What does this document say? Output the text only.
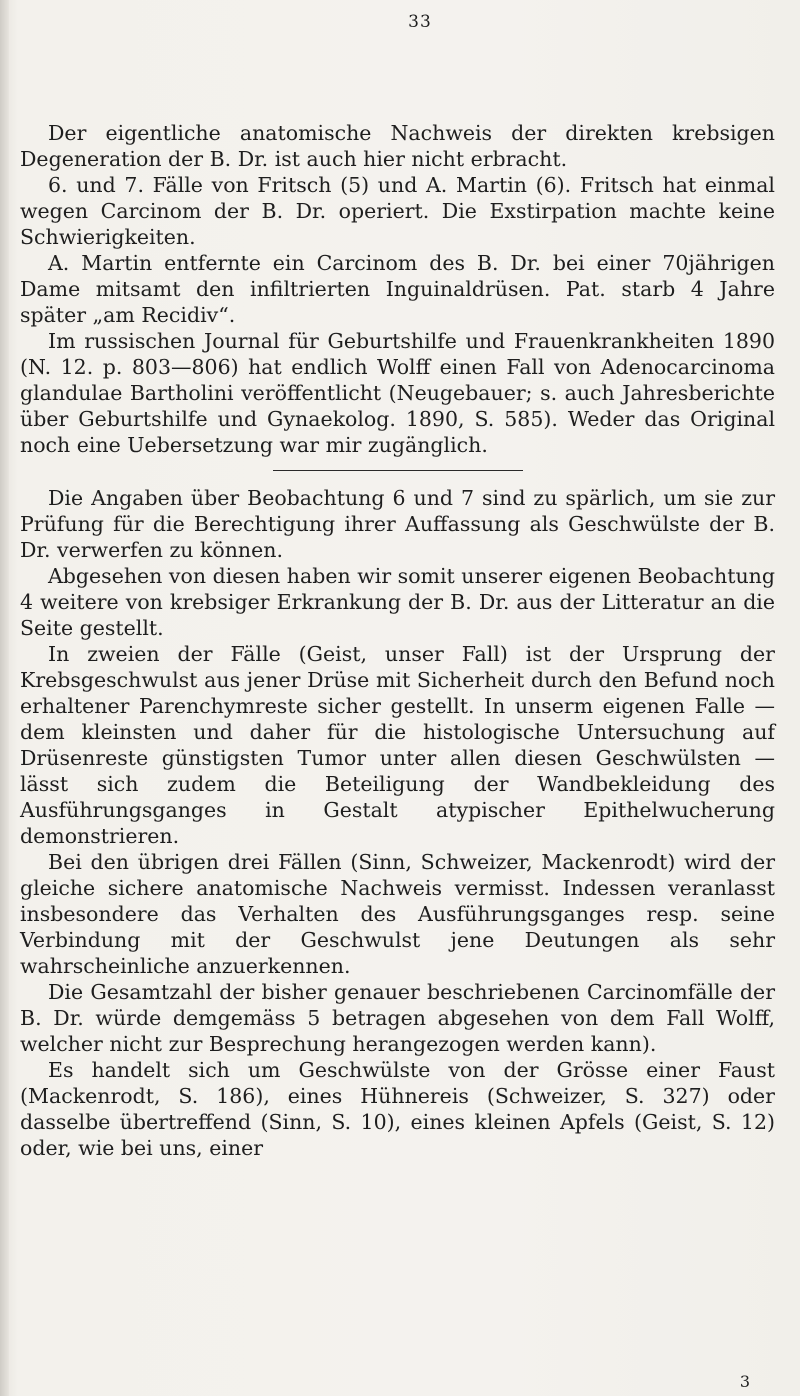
33

Der eigentliche anatomische Nachweis der direkten krebsigen Degeneration der B. Dr. ist auch hier nicht erbracht.

6. und 7. Fälle von Fritsch (5) und A. Martin (6). Fritsch hat einmal wegen Carcinom der B. Dr. operiert. Die Exstirpation machte keine Schwierigkeiten.

A. Martin entfernte ein Carcinom des B. Dr. bei einer 70jährigen Dame mitsamt den infiltrierten Inguinaldrüsen. Pat. starb 4 Jahre später „am Recidiv“.

Im russischen Journal für Geburtshilfe und Frauenkrankheiten 1890 (N. 12. p. 803—806) hat endlich Wolff einen Fall von Adenocarcinoma glandulae Bartholini veröffentlicht (Neugebauer; s. auch Jahresberichte über Geburtshilfe und Gynaekolog. 1890, S. 585). Weder das Original noch eine Uebersetzung war mir zugänglich.

Die Angaben über Beobachtung 6 und 7 sind zu spärlich, um sie zur Prüfung für die Berechtigung ihrer Auffassung als Geschwülste der B. Dr. verwerfen zu können.

Abgesehen von diesen haben wir somit unserer eigenen Beobachtung 4 weitere von krebsiger Erkrankung der B. Dr. aus der Litteratur an die Seite gestellt.

In zweien der Fälle (Geist, unser Fall) ist der Ursprung der Krebsgeschwulst aus jener Drüse mit Sicherheit durch den Befund noch erhaltener Parenchymreste sicher gestellt. In unserm eigenen Falle — dem kleinsten und daher für die histologische Untersuchung auf Drüsenreste günstigsten Tumor unter allen diesen Geschwülsten — lässt sich zudem die Beteiligung der Wandbekleidung des Ausführungsganges in Gestalt atypischer Epithelwucherung demonstrieren.

Bei den übrigen drei Fällen (Sinn, Schweizer, Mackenrodt) wird der gleiche sichere anatomische Nachweis vermisst. Indessen veranlasst insbesondere das Verhalten des Ausführungsganges resp. seine Verbindung mit der Geschwulst jene Deutungen als sehr wahrscheinliche anzuerkennen.

Die Gesamtzahl der bisher genauer beschriebenen Carcinomfälle der B. Dr. würde demgemäss 5 betragen abgesehen von dem Fall Wolff, welcher nicht zur Besprechung herangezogen werden kann).

Es handelt sich um Geschwülste von der Grösse einer Faust (Mackenrodt, S. 186), eines Hühnereis (Schweizer, S. 327) oder dasselbe übertreffend (Sinn, S. 10), eines kleinen Apfels (Geist, S. 12) oder, wie bei uns, einer

3
